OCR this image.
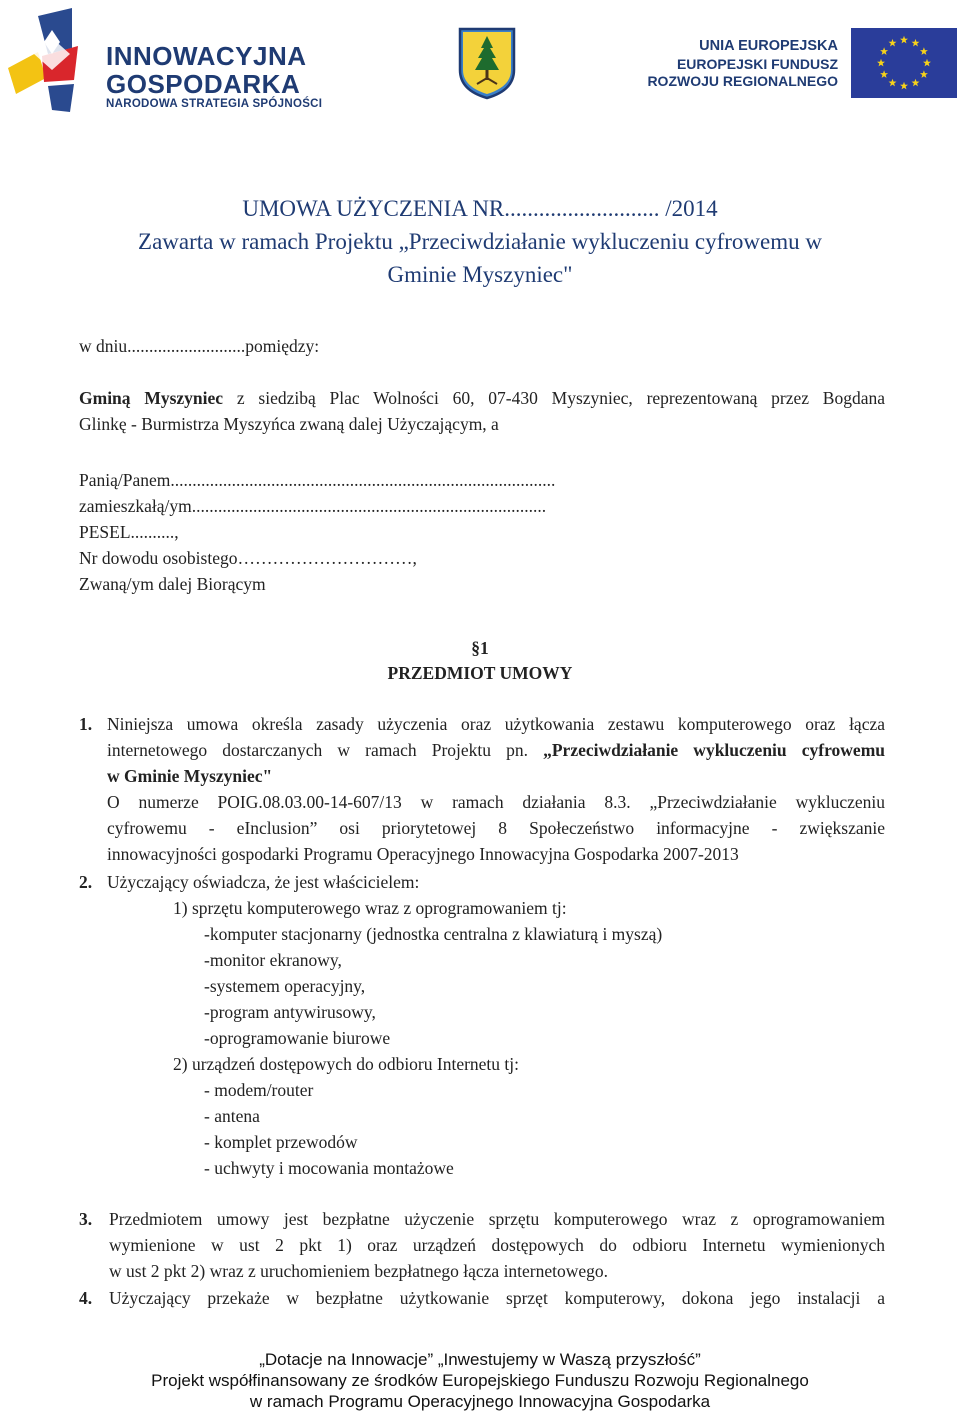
INNOWACYJNA
GOSPODARKA
NARODOWA STRATEGIA SPÓJNOŚCI
UNIA EUROPEJSKA
EUROPEJSKI FUNDUSZ
ROZWOJU REGIONALNEGO
UMOWA UŻYCZENIA NR........................... /2014
Zawarta w ramach Projektu „Przeciwdziałanie wykluczeniu cyfrowemu w
Gminie Myszyniec"
w dniu...........................pomiędzy:
Gminą Myszyniec z siedzibą Plac Wolności 60, 07-430 Myszyniec, reprezentowaną przez Bogdana
Glinkę - Burmistrza Myszyńca zwaną dalej Użyczającym, a
Panią/Panem........................................................................................
zamieszkałą/ym.................................................................................
PESEL..........,
Nr dowodu osobistego…………………………,
Zwaną/ym dalej Biorącym
§1
PRZEDMIOT UMOWY
1. Niniejsza umowa określa zasady użyczenia oraz użytkowania zestawu komputerowego oraz łącza
internetowego dostarczanych w ramach Projektu pn. „Przeciwdziałanie wykluczeniu cyfrowemu
w Gminie Myszyniec"
O numerze POIG.08.03.00-14-607/13 w ramach działania 8.3. „Przeciwdziałanie wykluczeniu
cyfrowemu - eInclusion” osi priorytetowej 8 Społeczeństwo informacyjne - zwiększanie
innowacyjności gospodarki Programu Operacyjnego Innowacyjna Gospodarka 2007-2013
2. Użyczający oświadcza, że jest właścicielem:
1) sprzętu komputerowego wraz z oprogramowaniem tj:
-komputer stacjonarny (jednostka centralna z klawiaturą i myszą)
-monitor ekranowy,
-systemem operacyjny,
-program antywirusowy,
-oprogramowanie biurowe
2) urządzeń dostępowych do odbioru Internetu tj:
- modem/router
- antena
- komplet przewodów
- uchwyty i mocowania montażowe
3. Przedmiotem umowy jest bezpłatne użyczenie sprzętu komputerowego wraz z oprogramowaniem
wymienione w ust 2 pkt 1) oraz urządzeń dostępowych do odbioru Internetu wymienionych
w ust 2 pkt 2) wraz z uruchomieniem bezpłatnego łącza internetowego.
4. Użyczający przekaże w bezpłatne użytkowanie sprzęt komputerowy, dokona jego instalacji a
„Dotacje na Innowacje” „Inwestujemy w Waszą przyszłość”
Projekt współfinansowany ze środków Europejskiego Funduszu Rozwoju Regionalnego
w ramach Programu Operacyjnego Innowacyjna Gospodarka
